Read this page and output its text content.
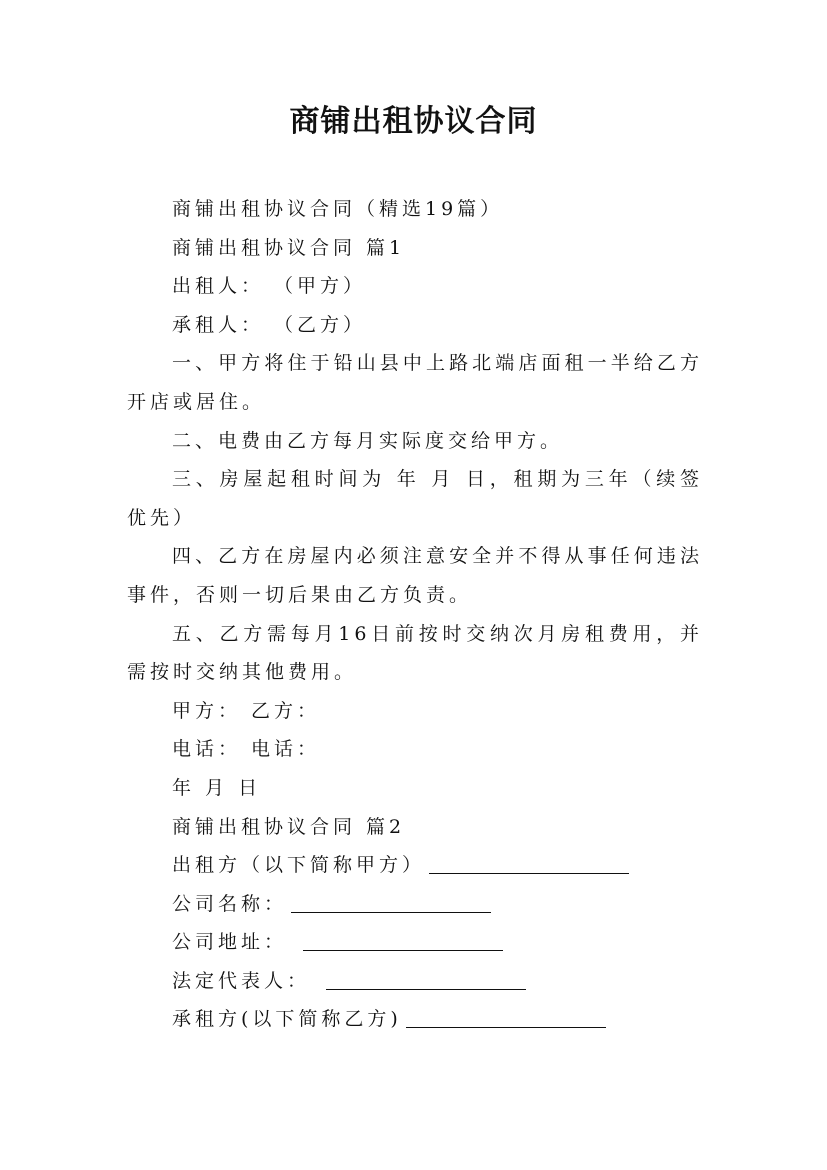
商铺出租协议合同

商铺出租协议合同（精选19篇）

商铺出租协议合同 篇1

出租人： （甲方）

承租人： （乙方）

一、甲方将住于铅山县中上路北端店面租一半给乙方开店或居住。

二、电费由乙方每月实际度交给甲方。

三、房屋起租时间为 年 月 日，租期为三年（续签优先）

四、乙方在房屋内必须注意安全并不得从事任何违法事件，否则一切后果由乙方负责。

五、乙方需每月16日前按时交纳次月房租费用，并需按时交纳其他费用。

甲方： 乙方：

电话： 电话：

年 月 日

商铺出租协议合同 篇2

出租方（以下简称甲方）

公司名称：

公司地址：

法定代表人：

承租方(以下简称乙方)
